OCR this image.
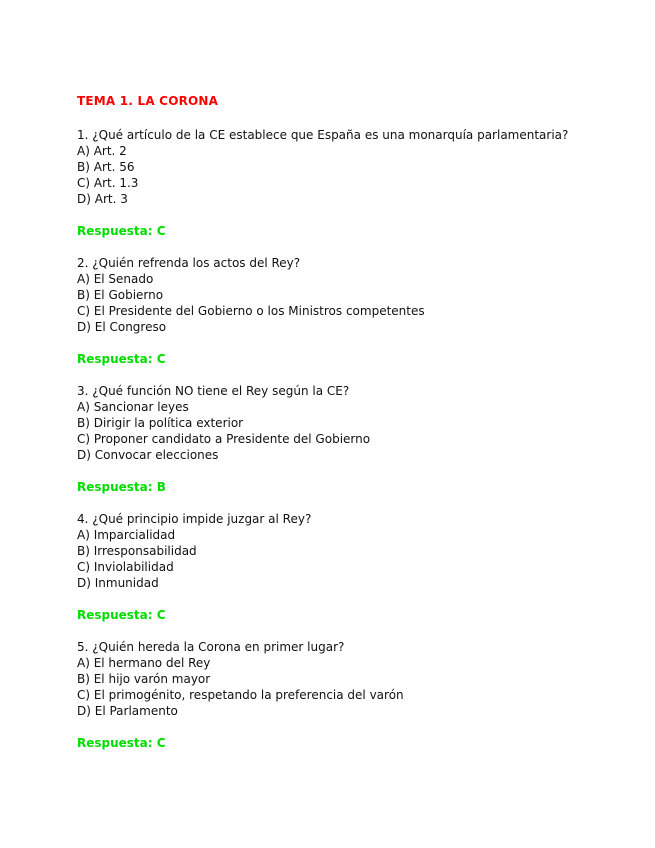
TEMA 1. LA CORONA
1. ¿Qué artículo de la CE establece que España es una monarquía parlamentaria?
A) Art. 2
B) Art. 56
C) Art. 1.3
D) Art. 3
Respuesta: C
2. ¿Quién refrenda los actos del Rey?
A) El Senado
B) El Gobierno
C) El Presidente del Gobierno o los Ministros competentes
D) El Congreso
Respuesta: C
3. ¿Qué función NO tiene el Rey según la CE?
A) Sancionar leyes
B) Dirigir la política exterior
C) Proponer candidato a Presidente del Gobierno
D) Convocar elecciones
Respuesta: B
4. ¿Qué principio impide juzgar al Rey?
A) Imparcialidad
B) Irresponsabilidad
C) Inviolabilidad
D) Inmunidad
Respuesta: C
5. ¿Quién hereda la Corona en primer lugar?
A) El hermano del Rey
B) El hijo varón mayor
C) El primogénito, respetando la preferencia del varón
D) El Parlamento
Respuesta: C
